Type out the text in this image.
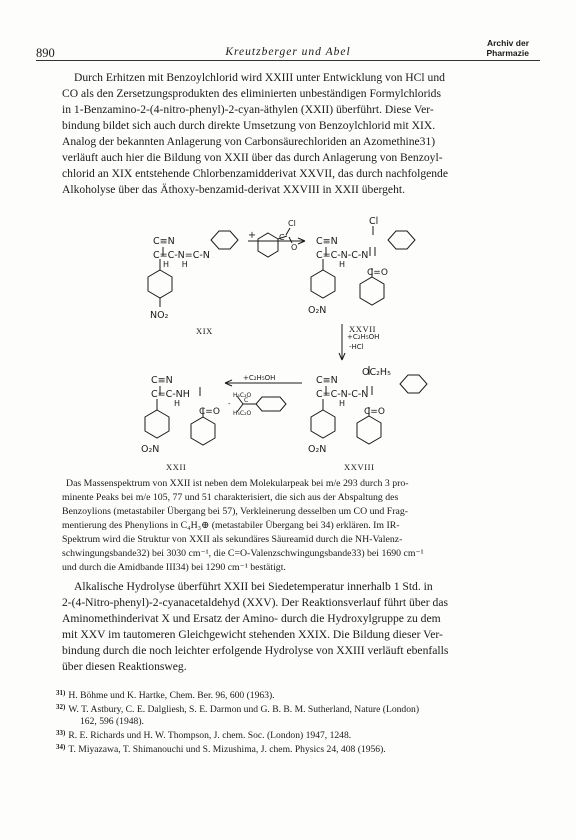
890	Kreutzberger und Abel
Archiv der
Pharmazie
Durch Erhitzen mit Benzoylchlorid wird XXIII unter Entwicklung von HCl und
CO als den Zersetzungsprodukten des eliminierten unbeständigen Formylchlorids
in 1-Benzamino-2-(4-nitro-phenyl)-2-cyan-äthylen (XXII) überführt. Diese Ver-
bindung bildet sich auch durch direkte Umsetzung von Benzoylchlorid mit XIX.
Analog der bekannten Anlagerung von Carbonsäurechloriden an Azomethine31)
verläuft auch hier die Bildung von XXII über das durch Anlagerung von Benzoyl-
chlorid an XIX entstehende Chlorbenzamidderivat XXVII, das durch nachfolgende
Alkoholyse über das Äthoxy-benzamid-derivat XXVIII in XXII übergeht.
C≡N
C=C-N=C-N
H     H
NO₂
XIX
+
Cl
C
O
C≡N
Cl
C=C-N-C-N
H
C=O
O₂N
XXVII
+C₂H₅OH
-HCl
C≡N
OC₂H₅
C=C-N-C-N
H
C=O
O₂N
XXVIII
+C₂H₅OH
-
H₅C₂O
H₅C₂O
C
C≡N
C=C-NH
H
C=O
O₂N
XXII
Das Massenspektrum von XXII ist neben dem Molekularpeak bei m/e 293 durch 3 pro-
minente Peaks bei m/e 105, 77 und 51 charakterisiert, die sich aus der Abspaltung des
Benzoylions (metastabiler Übergang bei 57), Verkleinerung desselben um CO und Frag-
mentierung des Phenylions in C₄H₃⊕ (metastabiler Übergang bei 34) erklären. Im IR-
Spektrum wird die Struktur von XXII als sekundäres Säureamid durch die NH-Valenz-
schwingungsbande32) bei 3030 cm⁻¹, die C=O-Valenzschwingungsbande33) bei 1690 cm⁻¹
und durch die Amidbande III34) bei 1290 cm⁻¹ bestätigt.
Alkalische Hydrolyse überführt XXII bei Siedetemperatur innerhalb 1 Std. in
2-(4-Nitro-phenyl)-2-cyanacetaldehyd (XXV). Der Reaktionsverlauf führt über das
Aminomethinderivat X und Ersatz der Amino- durch die Hydroxylgruppe zu dem
mit XXV im tautomeren Gleichgewicht stehenden XXIX. Die Bildung dieser Ver-
bindung durch die noch leichter erfolgende Hydrolyse von XXIII verläuft ebenfalls
über diesen Reaktionsweg.
$^{31)}$ H. Böhme und K. Hartke, Chem. Ber. 96, 600 (1963).
$^{32)}$ W. T. Astbury, C. E. Dalgliesh, S. E. Darmon und G. B. B. M. Sutherland, Nature (London)
162, 596 (1948).
$^{33)}$ R. E. Richards und H. W. Thompson, J. chem. Soc. (London) 1947, 1248.
$^{34)}$ T. Miyazawa, T. Shimanouchi und S. Mizushima, J. chem. Physics 24, 408 (1956).
